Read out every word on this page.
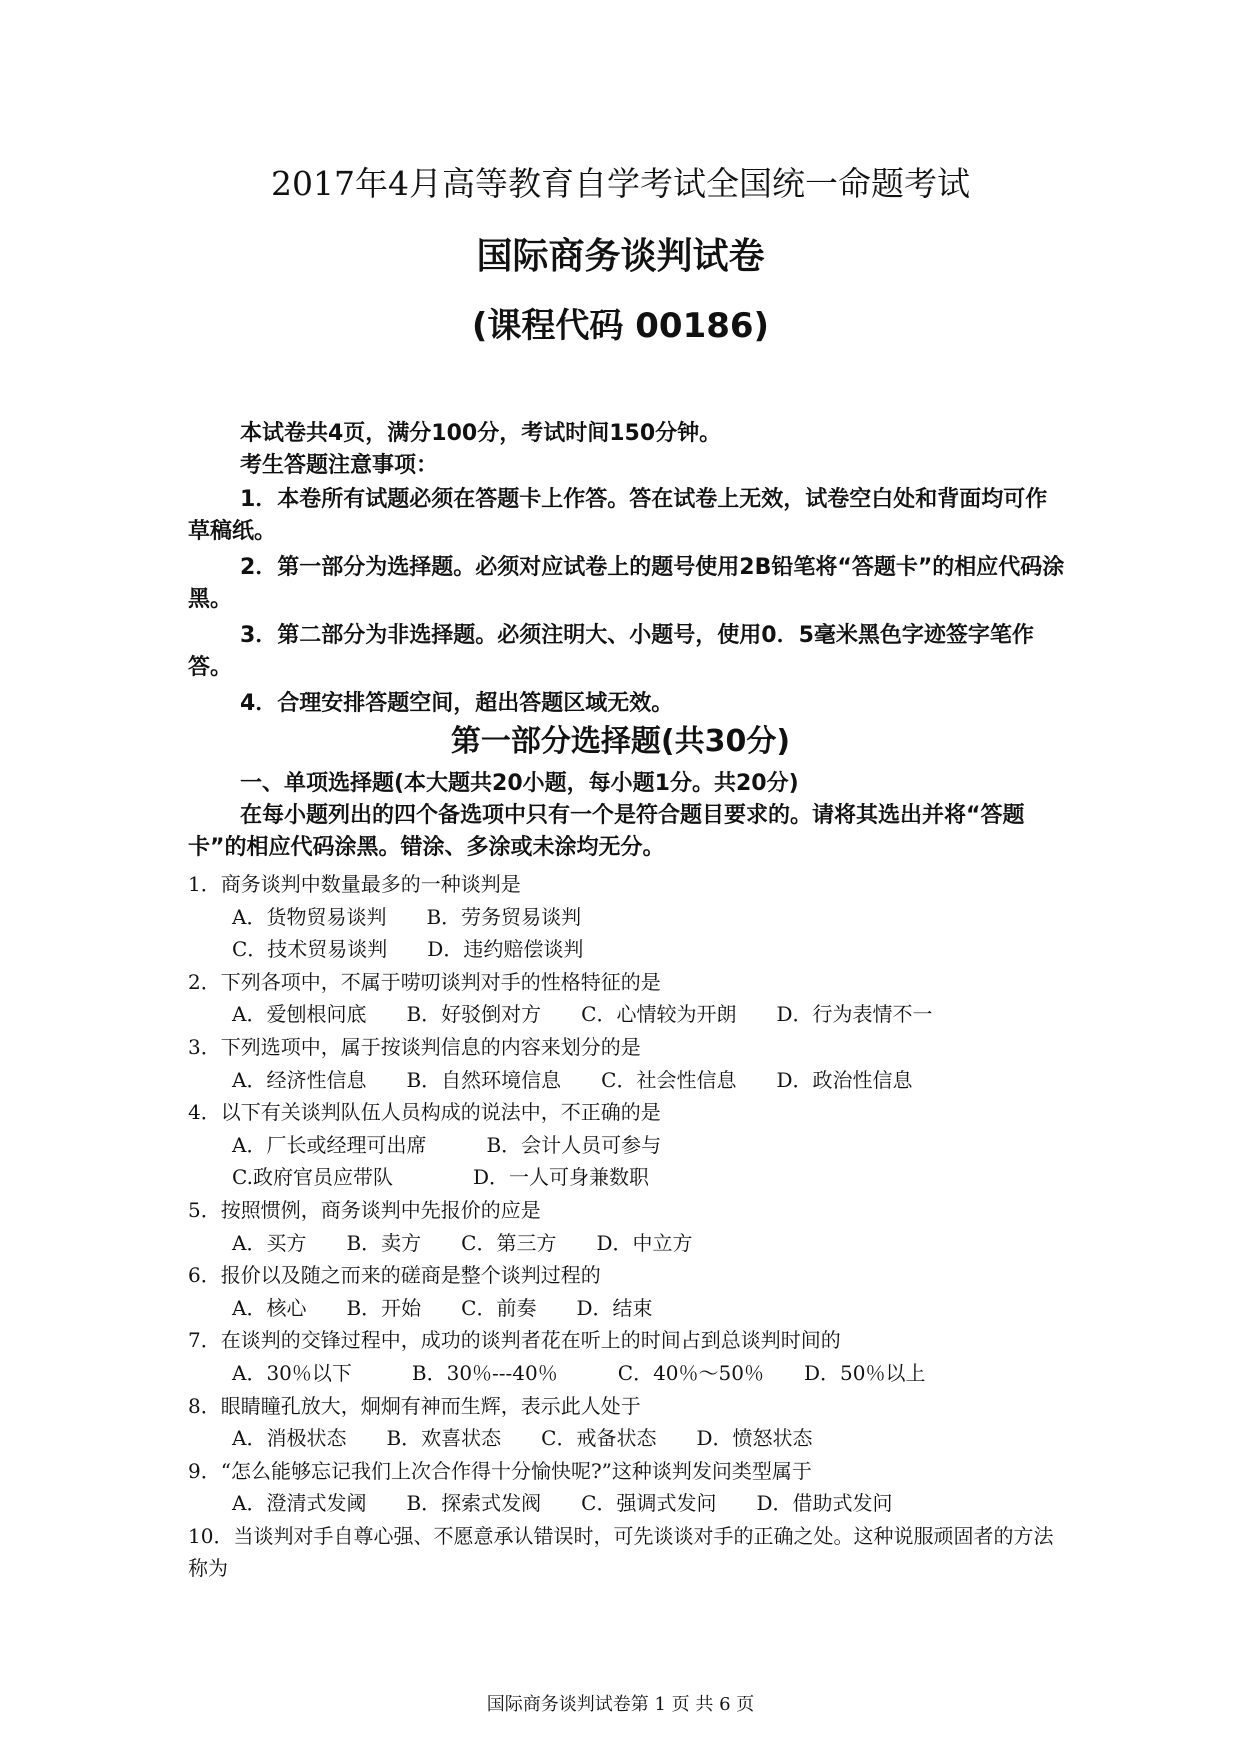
2017年4月高等教育自学考试全国统一命题考试
国际商务谈判试卷
(课程代码 00186)
本试卷共4页，满分100分，考试时间150分钟。
考生答题注意事项：
1．本卷所有试题必须在答题卡上作答。答在试卷上无效，试卷空白处和背面均可作草稿纸。
2．第一部分为选择题。必须对应试卷上的题号使用2B铅笔将“答题卡”的相应代码涂黑。
3．第二部分为非选择题。必须注明大、小题号，使用0．5毫米黑色字迹签字笔作答。
4．合理安排答题空间，超出答题区域无效。
第一部分选择题(共30分)
一、单项选择题(本大题共20小题，每小题1分。共20分)
在每小题列出的四个备选项中只有一个是符合题目要求的。请将其选出并将“答题卡”的相应代码涂黑。错涂、多涂或未涂均无分。
1．商务谈判中数量最多的一种谈判是
A．货物贸易谈判　　B．劳务贸易谈判
C．技术贸易谈判　　D．违约赔偿谈判
2．下列各项中，不属于唠叨谈判对手的性格特征的是
A．爱刨根问底　　B．好驳倒对方　　C．心情较为开朗　　D．行为表情不一
3．下列选项中，属于按谈判信息的内容来划分的是
A．经济性信息　　B．自然环境信息　　C．社会性信息　　D．政治性信息
4．以下有关谈判队伍人员构成的说法中，不正确的是
A．厂长或经理可出席　　　B．会计人员可参与
C.政府官员应带队　　　　D．一人可身兼数职
5．按照惯例，商务谈判中先报价的应是
A．买方　　B．卖方　　C．第三方　　D．中立方
6．报价以及随之而来的磋商是整个谈判过程的
A．核心　　B．开始　　C．前奏　　D．结束
7．在谈判的交锋过程中，成功的谈判者花在听上的时间占到总谈判时间的
A．30％以下　　　B．30％---40％　　　C．40％～50％　　D．50％以上
8．眼睛瞳孔放大，炯炯有神而生辉，表示此人处于
A．消极状态　　B．欢喜状态　　C．戒备状态　　D．愤怒状态
9．“怎么能够忘记我们上次合作得十分愉快呢?”这种谈判发问类型属于
A．澄清式发阈　　B．探索式发阀　　C．强调式发问　　D．借助式发问
10．当谈判对手自尊心强、不愿意承认错误时，可先谈谈对手的正确之处。这种说服顽固者的方法称为
国际商务谈判试卷第 1 页 共 6 页
